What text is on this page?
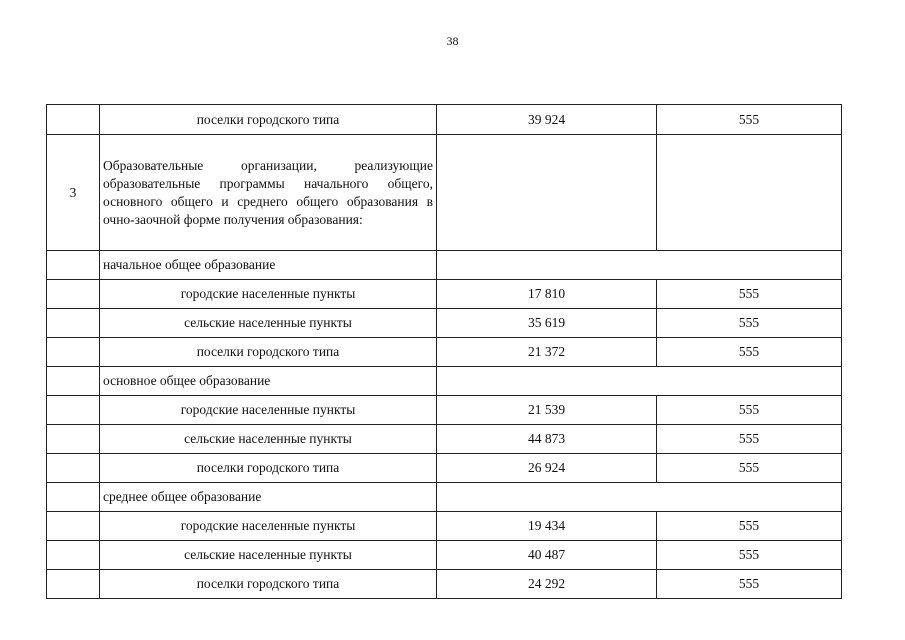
38
	поселки городского типа	39 924	555
3	Образовательные организации, реализующие образовательные программы начального общего, основного общего и среднего общего образования в очно-заочной форме получения образования:		
	начальное общее образование		
	городские населенные пункты	17 810	555
	сельские населенные пункты	35 619	555
	поселки городского типа	21 372	555
	основное общее образование		
	городские населенные пункты	21 539	555
	сельские населенные пункты	44 873	555
	поселки городского типа	26 924	555
	среднее общее образование		
	городские населенные пункты	19 434	555
	сельские населенные пункты	40 487	555
	поселки городского типа	24 292	555
